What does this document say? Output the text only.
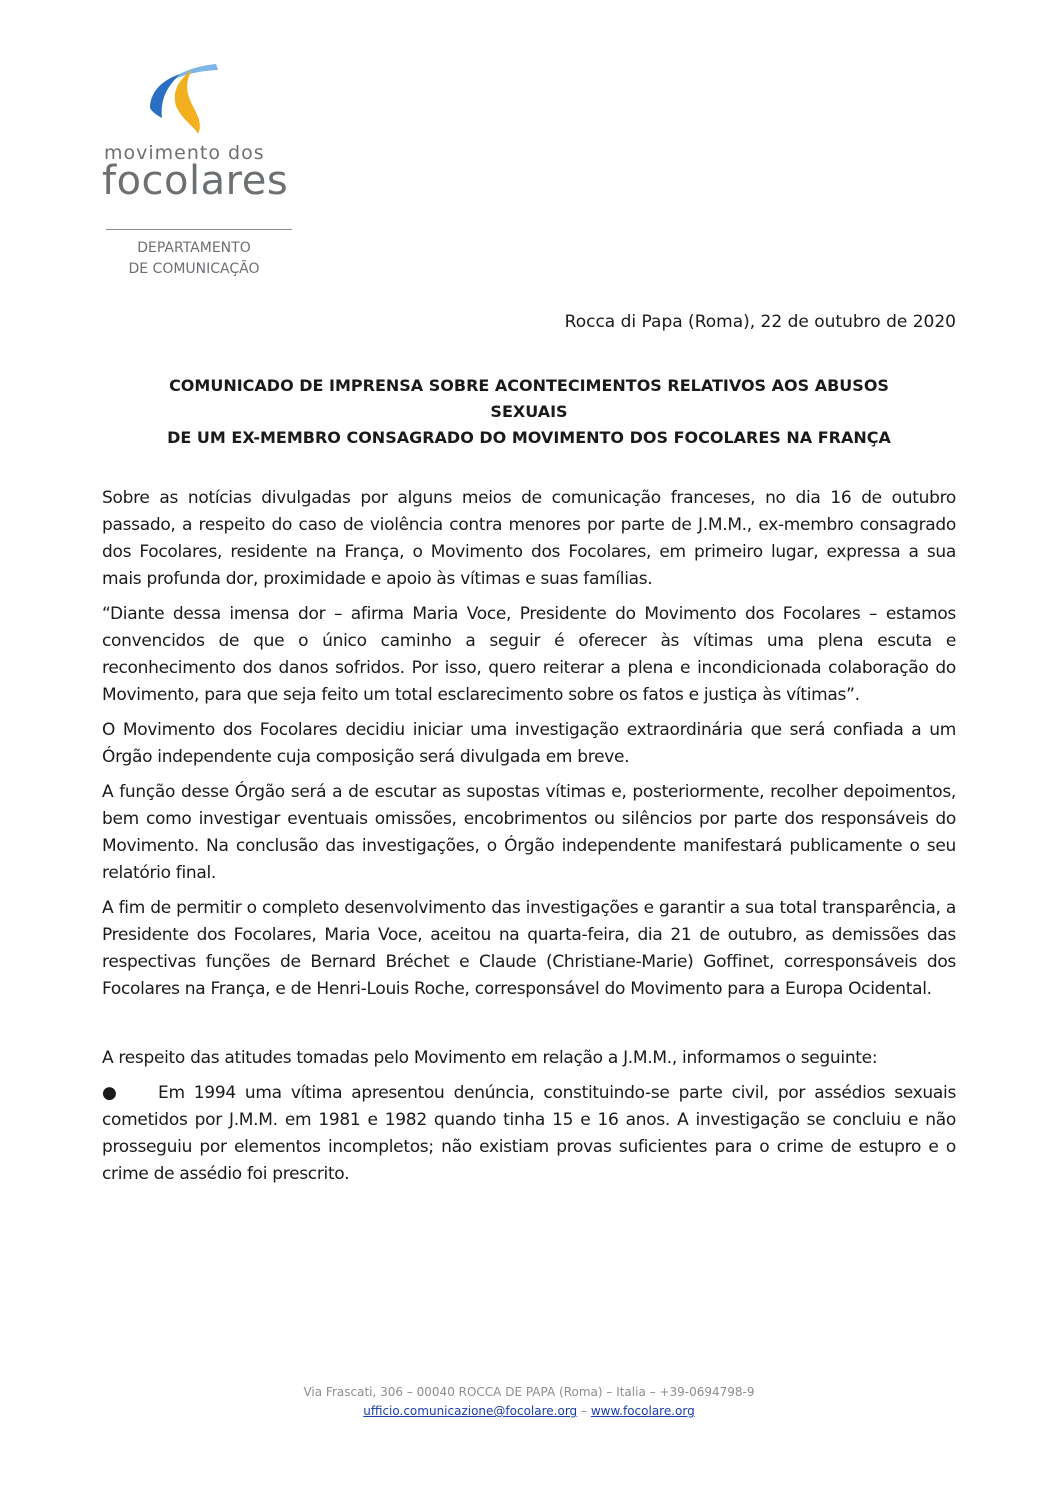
movimento dos
focolares
DEPARTAMENTO
DE COMUNICAÇÃO
Rocca di Papa (Roma), 22 de outubro de 2020
COMUNICADO DE IMPRENSA SOBRE ACONTECIMENTOS RELATIVOS AOS ABUSOS
SEXUAIS
DE UM EX-MEMBRO CONSAGRADO DO MOVIMENTO DOS FOCOLARES NA FRANÇA

Sobre as notícias divulgadas por alguns meios de comunicação franceses, no dia 16 de outubro passado, a respeito do caso de violência contra menores por parte de J.M.M., ex-membro consagrado dos Focolares, residente na França, o Movimento dos Focolares, em primeiro lugar, expressa a sua mais profunda dor, proximidade e apoio às vítimas e suas famílias.

“Diante dessa imensa dor – afirma Maria Voce, Presidente do Movimento dos Focolares – estamos convencidos de que o único caminho a seguir é oferecer às vítimas uma plena escuta e reconhecimento dos danos sofridos. Por isso, quero reiterar a plena e incondicionada colaboração do Movimento, para que seja feito um total esclarecimento sobre os fatos e justiça às vítimas”.

O Movimento dos Focolares decidiu iniciar uma investigação extraordinária que será confiada a um Órgão independente cuja composição será divulgada em breve.

A função desse Órgão será a de escutar as supostas vítimas e, posteriormente, recolher depoimentos, bem como investigar eventuais omissões, encobrimentos ou silêncios por parte dos responsáveis do Movimento. Na conclusão das investigações, o Órgão independente manifestará publicamente o seu relatório final.

A fim de permitir o completo desenvolvimento das investigações e garantir a sua total transparência, a Presidente dos Focolares, Maria Voce, aceitou na quarta-feira, dia 21 de outubro, as demissões das respectivas funções de Bernard Bréchet e Claude (Christiane-Marie) Goffinet, corresponsáveis dos Focolares na França, e de Henri-Louis Roche, corresponsável do Movimento para a Europa Ocidental.

A respeito das atitudes tomadas pelo Movimento em relação a J.M.M., informamos o seguinte:

● Em 1994 uma vítima apresentou denúncia, constituindo-se parte civil, por assédios sexuais cometidos por J.M.M. em 1981 e 1982 quando tinha 15 e 16 anos. A investigação se concluiu e não prosseguiu por elementos incompletos; não existiam provas suficientes para o crime de estupro e o crime de assédio foi prescrito.

Via Frascati, 306 – 00040 ROCCA DE PAPA (Roma) – Italia – +39-0694798-9
ufficio.comunicazione@focolare.org – www.focolare.org
